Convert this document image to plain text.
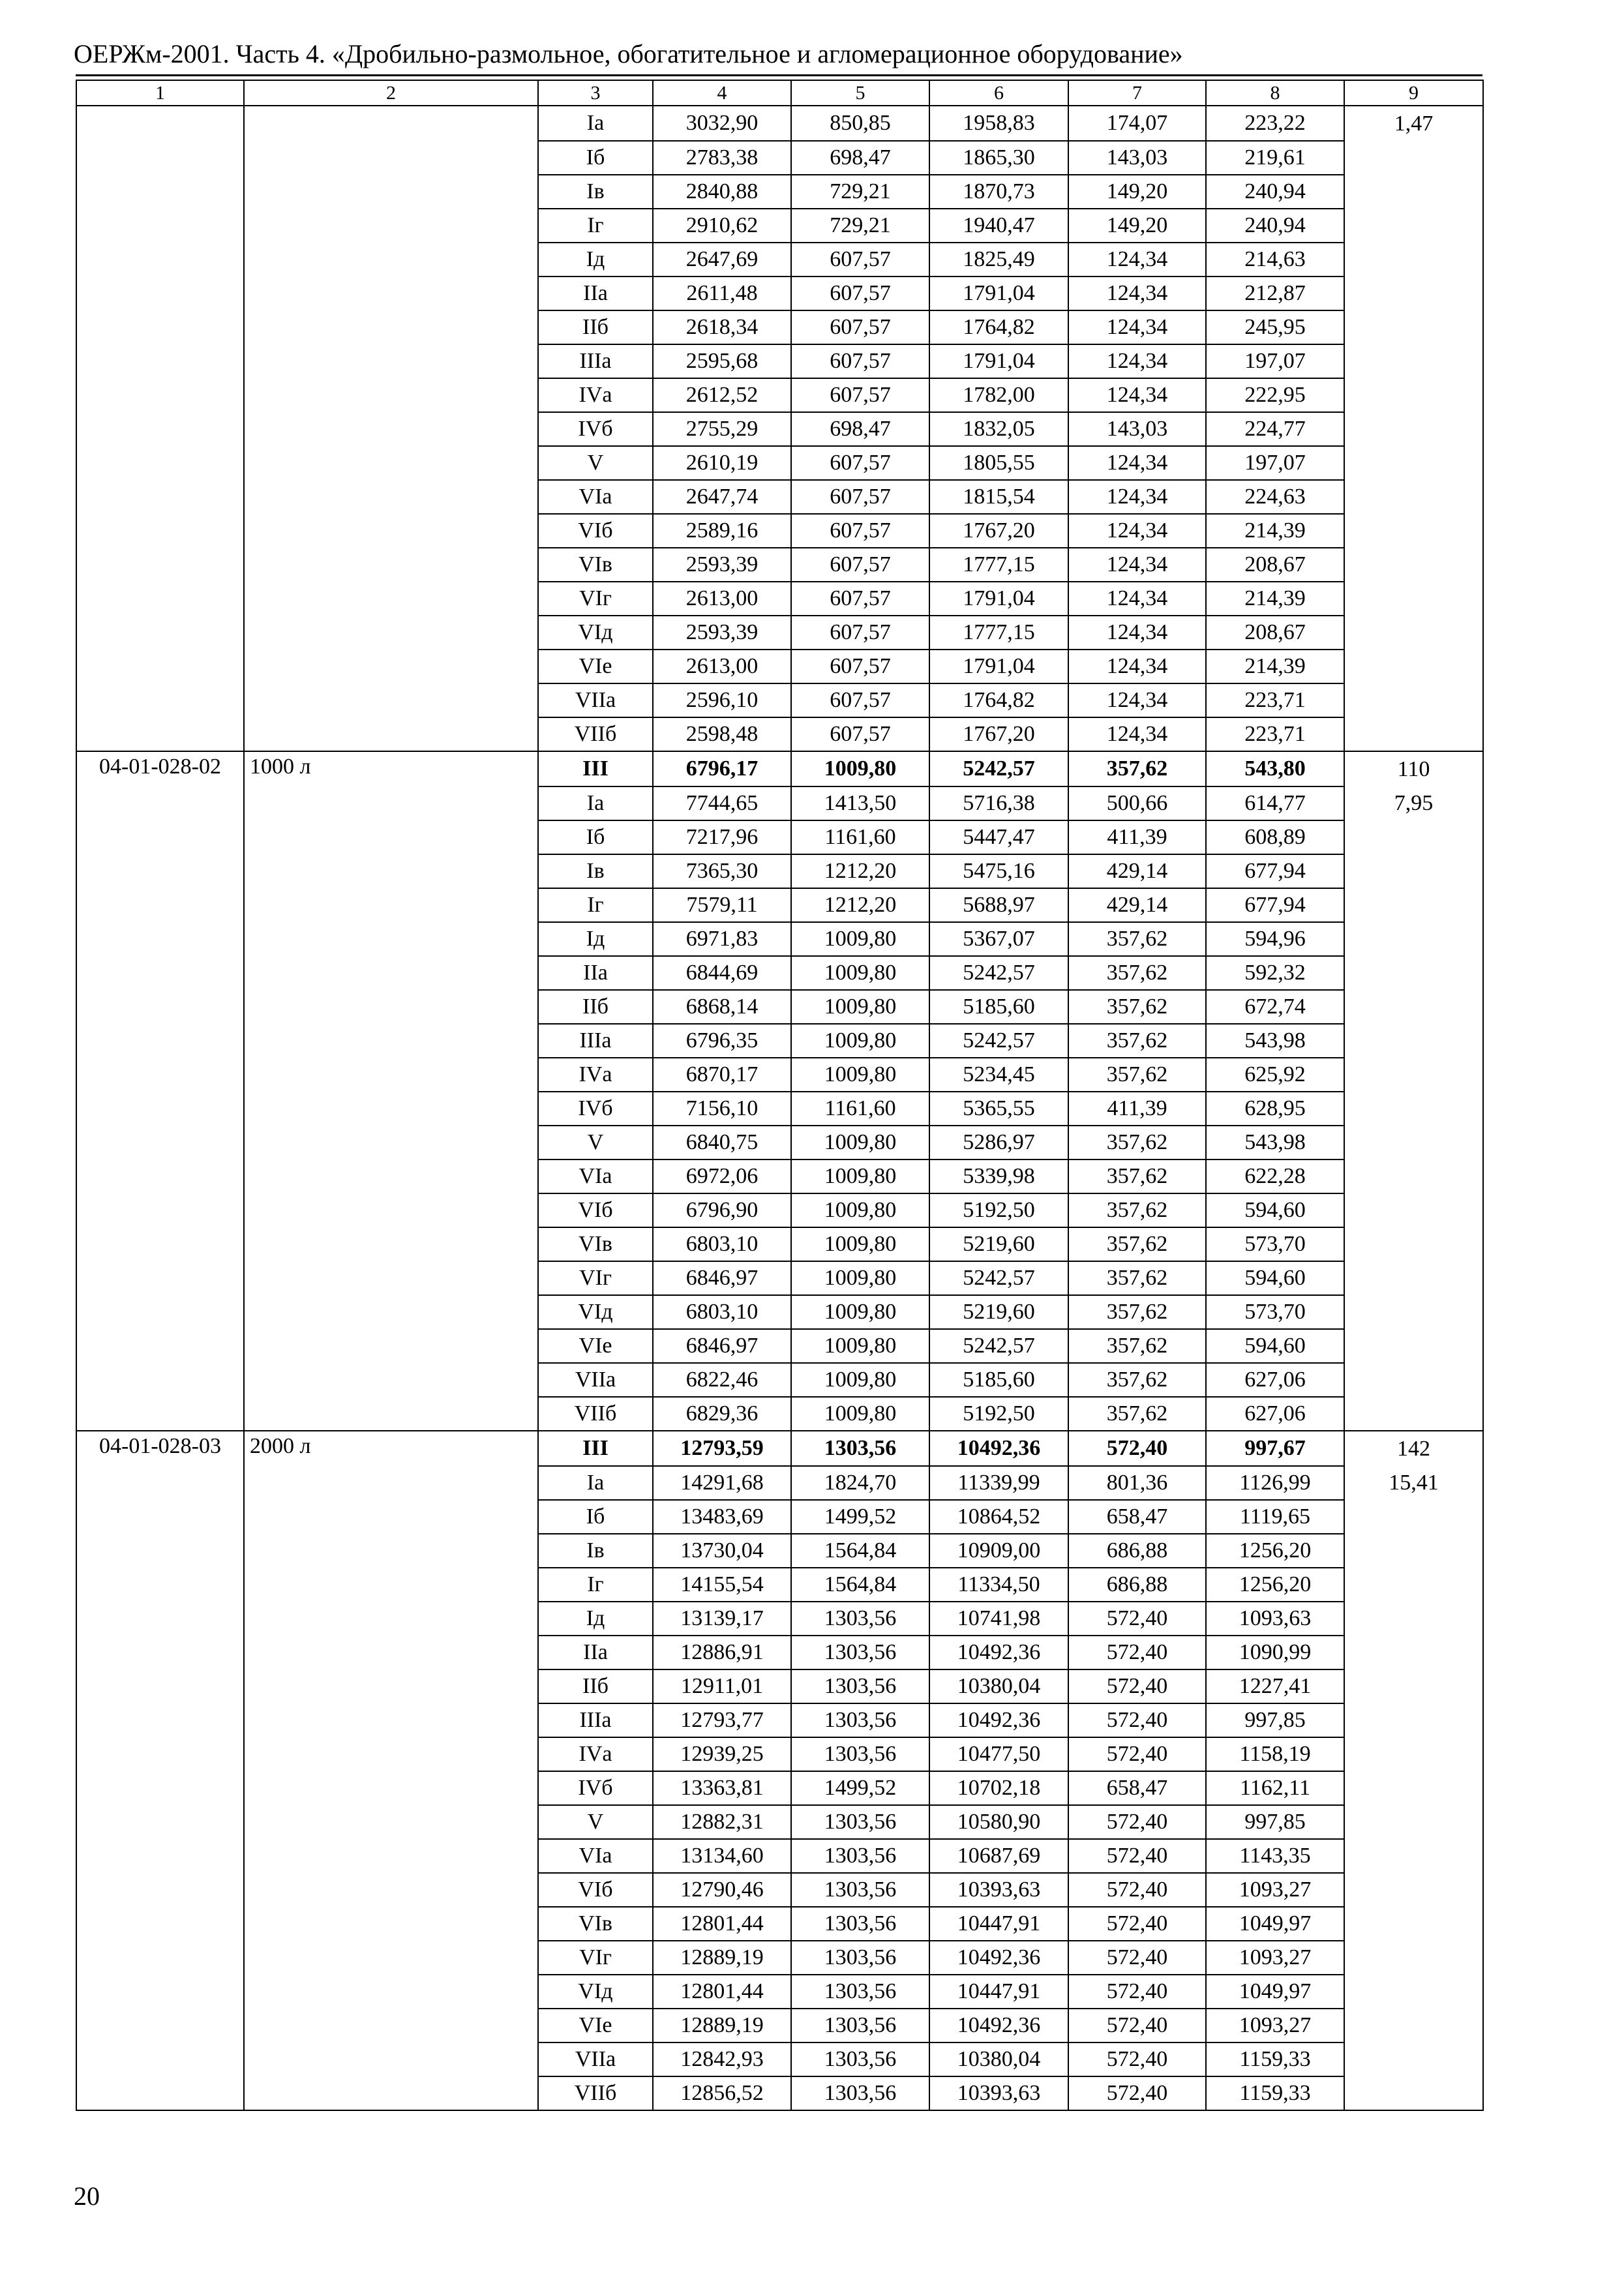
ОЕРЖм-2001. Часть 4. «Дробильно-размольное, обогатительное и агломерационное оборудование»
1	2	3	4	5	6	7	8	9
		Iа	3032,90	850,85	1958,83	174,07	223,22	1,47
		Iб	2783,38	698,47	1865,30	143,03	219,61	
		Iв	2840,88	729,21	1870,73	149,20	240,94	
		Iг	2910,62	729,21	1940,47	149,20	240,94	
		Iд	2647,69	607,57	1825,49	124,34	214,63	
		IIа	2611,48	607,57	1791,04	124,34	212,87	
		IIб	2618,34	607,57	1764,82	124,34	245,95	
		IIIа	2595,68	607,57	1791,04	124,34	197,07	
		IVа	2612,52	607,57	1782,00	124,34	222,95	
		IVб	2755,29	698,47	1832,05	143,03	224,77	
		V	2610,19	607,57	1805,55	124,34	197,07	
		VIа	2647,74	607,57	1815,54	124,34	224,63	
		VIб	2589,16	607,57	1767,20	124,34	214,39	
		VIв	2593,39	607,57	1777,15	124,34	208,67	
		VIг	2613,00	607,57	1791,04	124,34	214,39	
		VIд	2593,39	607,57	1777,15	124,34	208,67	
		VIе	2613,00	607,57	1791,04	124,34	214,39	
		VIIа	2596,10	607,57	1764,82	124,34	223,71	
		VIIб	2598,48	607,57	1767,20	124,34	223,71	
04-01-028-02	1000 л	III	6796,17	1009,80	5242,57	357,62	543,80	110
		Iа	7744,65	1413,50	5716,38	500,66	614,77	7,95
		Iб	7217,96	1161,60	5447,47	411,39	608,89	
		Iв	7365,30	1212,20	5475,16	429,14	677,94	
		Iг	7579,11	1212,20	5688,97	429,14	677,94	
		Iд	6971,83	1009,80	5367,07	357,62	594,96	
		IIа	6844,69	1009,80	5242,57	357,62	592,32	
		IIб	6868,14	1009,80	5185,60	357,62	672,74	
		IIIа	6796,35	1009,80	5242,57	357,62	543,98	
		IVа	6870,17	1009,80	5234,45	357,62	625,92	
		IVб	7156,10	1161,60	5365,55	411,39	628,95	
		V	6840,75	1009,80	5286,97	357,62	543,98	
		VIа	6972,06	1009,80	5339,98	357,62	622,28	
		VIб	6796,90	1009,80	5192,50	357,62	594,60	
		VIв	6803,10	1009,80	5219,60	357,62	573,70	
		VIг	6846,97	1009,80	5242,57	357,62	594,60	
		VIд	6803,10	1009,80	5219,60	357,62	573,70	
		VIе	6846,97	1009,80	5242,57	357,62	594,60	
		VIIа	6822,46	1009,80	5185,60	357,62	627,06	
		VIIб	6829,36	1009,80	5192,50	357,62	627,06	
04-01-028-03	2000 л	III	12793,59	1303,56	10492,36	572,40	997,67	142
		Iа	14291,68	1824,70	11339,99	801,36	1126,99	15,41
		Iб	13483,69	1499,52	10864,52	658,47	1119,65	
		Iв	13730,04	1564,84	10909,00	686,88	1256,20	
		Iг	14155,54	1564,84	11334,50	686,88	1256,20	
		Iд	13139,17	1303,56	10741,98	572,40	1093,63	
		IIа	12886,91	1303,56	10492,36	572,40	1090,99	
		IIб	12911,01	1303,56	10380,04	572,40	1227,41	
		IIIа	12793,77	1303,56	10492,36	572,40	997,85	
		IVа	12939,25	1303,56	10477,50	572,40	1158,19	
		IVб	13363,81	1499,52	10702,18	658,47	1162,11	
		V	12882,31	1303,56	10580,90	572,40	997,85	
		VIа	13134,60	1303,56	10687,69	572,40	1143,35	
		VIб	12790,46	1303,56	10393,63	572,40	1093,27	
		VIв	12801,44	1303,56	10447,91	572,40	1049,97	
		VIг	12889,19	1303,56	10492,36	572,40	1093,27	
		VIд	12801,44	1303,56	10447,91	572,40	1049,97	
		VIе	12889,19	1303,56	10492,36	572,40	1093,27	
		VIIа	12842,93	1303,56	10380,04	572,40	1159,33	
		VIIб	12856,52	1303,56	10393,63	572,40	1159,33	
20
